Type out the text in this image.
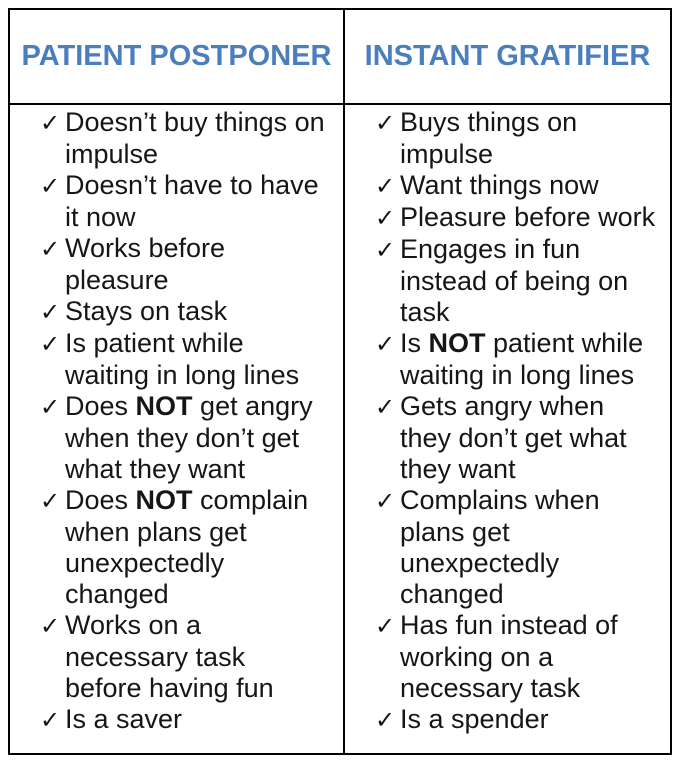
PATIENT POSTPONER
✓ Doesn’t buy things on impulse
✓ Doesn’t have to have it now
✓ Works before pleasure
✓ Stays on task
✓ Is patient while waiting in long lines
✓ Does NOT get angry when they don’t get what they want
✓ Does NOT complain when plans get unexpectedly changed
✓ Works on a necessary task before having fun
✓ Is a saver
INSTANT GRATIFIER
✓ Buys things on impulse
✓ Want things now
✓ Pleasure before work
✓ Engages in fun instead of being on task
✓ Is NOT patient while waiting in long lines
✓ Gets angry when they don’t get what they want
✓ Complains when plans get unexpectedly changed
✓ Has fun instead of working on a necessary task
✓ Is a spender
